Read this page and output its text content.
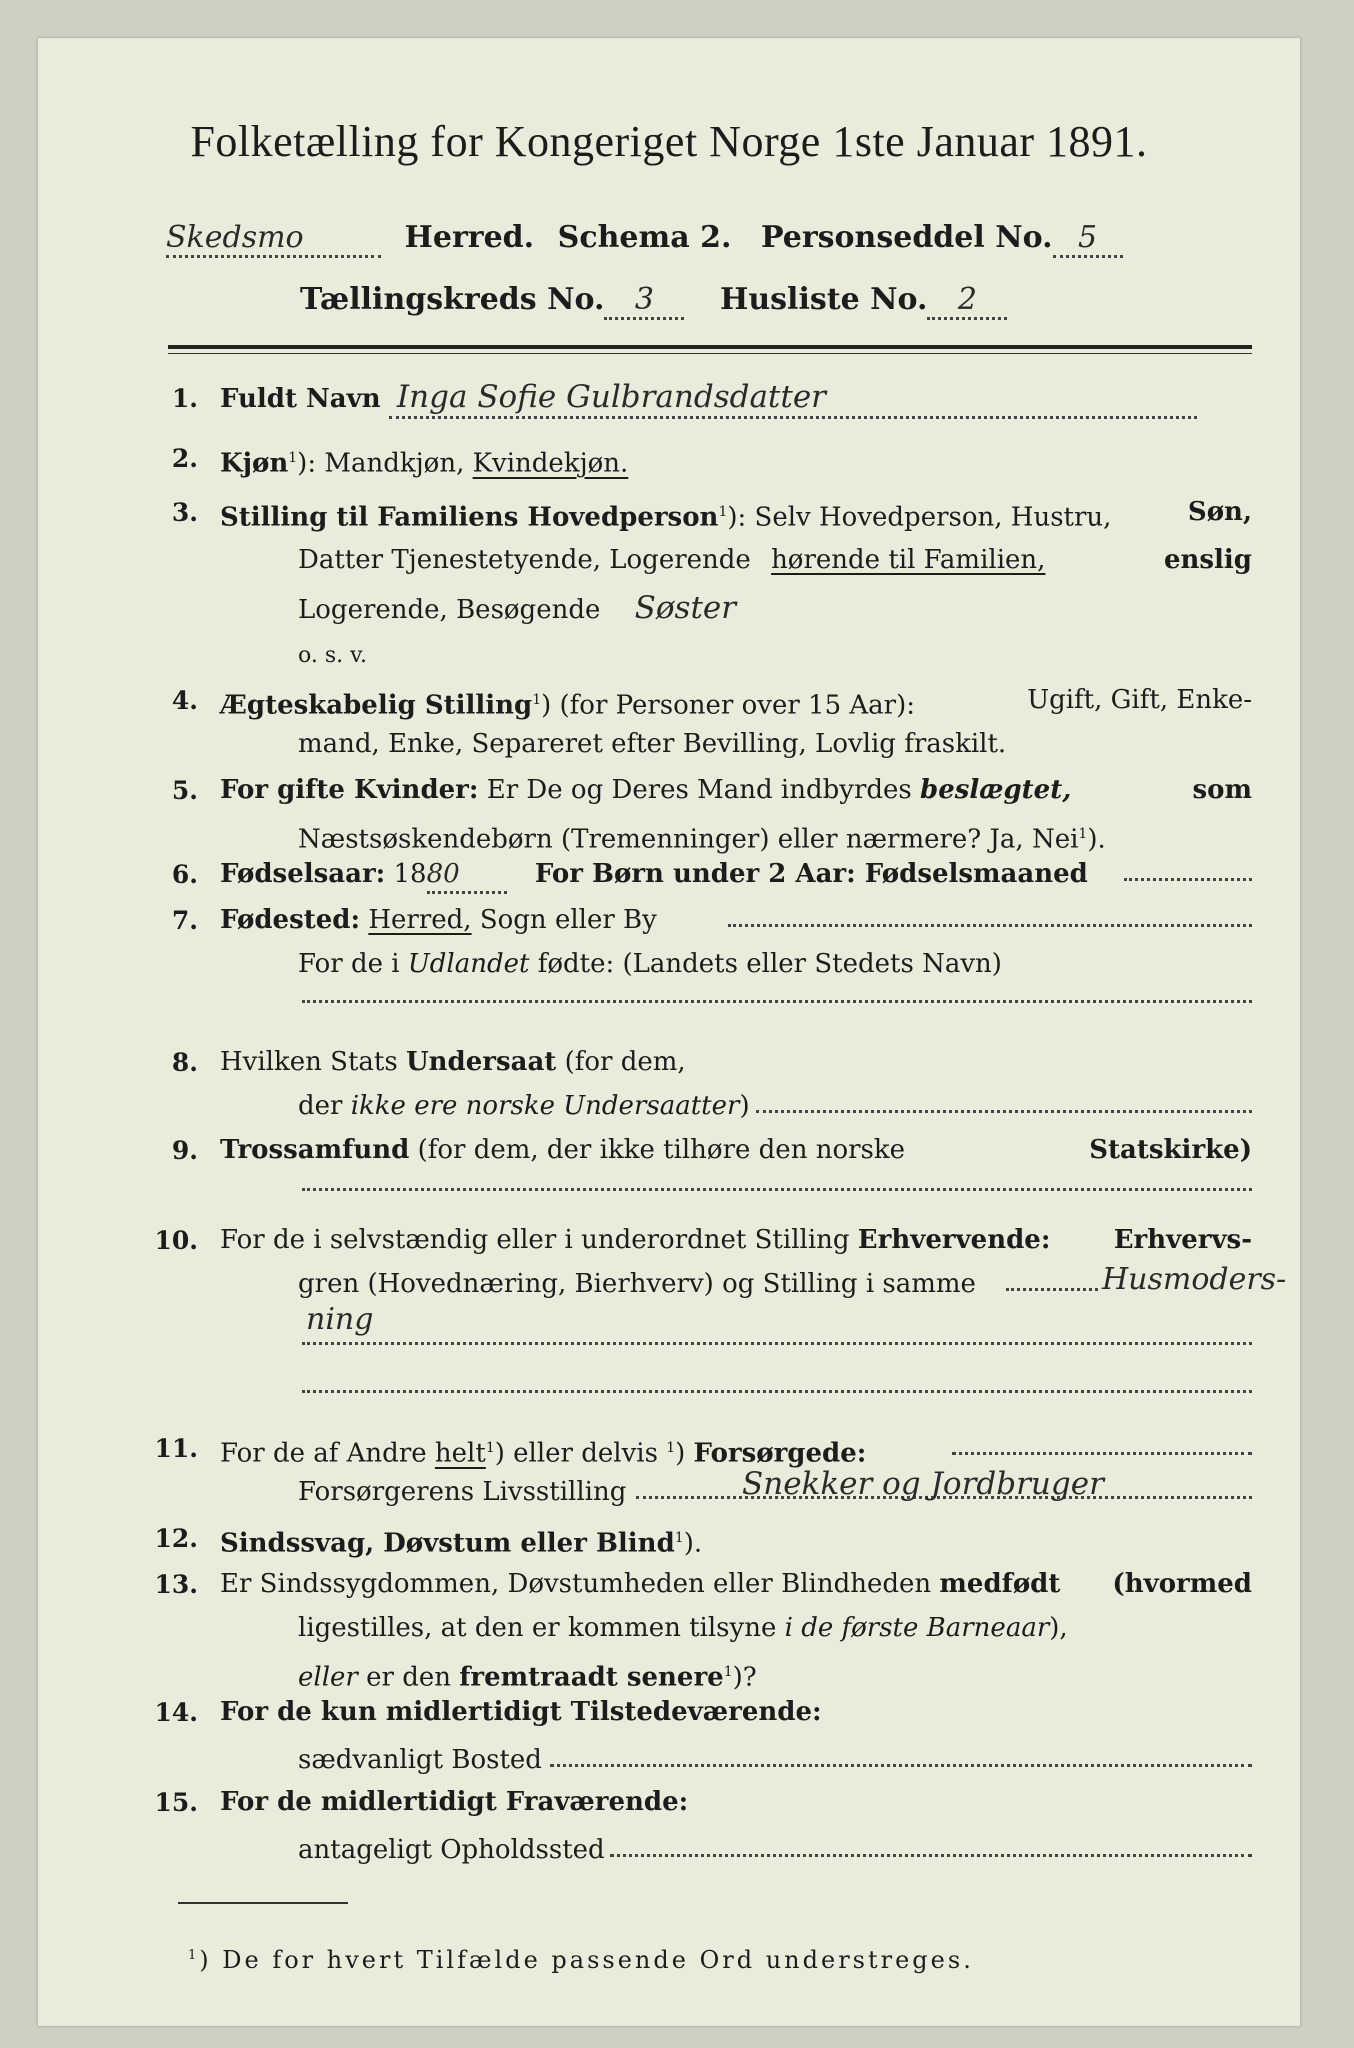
Folketælling for Kongeriget Norge 1ste Januar 1891.
Skedsmo	Herred. Schema 2. Personseddel No. 5
Tællingskreds No. 3 Husliste No. 2
1. Fuldt Navn Inga Sofie Gulbrandsdatter
2. Kjøn$^1$): Mandkjøn, Kvindekjøn.
3. Stilling til Familiens Hovedperson$^1$): Selv Hovedperson, Hustru,	Søn,
Datter Tjenestetyende, Logerende hørende til Familien,	enslig
Logerende, Besøgende Søster
o. s. v.
4. Ægteskabelig Stilling$^1$) (for Personer over 15 Aar):	Ugift, Gift, Enke-
mand, Enke, Separeret efter Bevilling, Lovlig fraskilt.
5. For gifte Kvinder: Er De og Deres Mand indbyrdes beslægtet,	som
Næstsøskendebørn (Tremenninger) eller nærmere? Ja, Nei$^1$).
6. Fødselsaar: 1880	For Børn under 2 Aar: Fødselsmaaned
7. Fødested: Herred, Sogn eller By
For de i Udlandet fødte: (Landets eller Stedets Navn)
8. Hvilken Stats Undersaat (for dem,
der ikke ere norske Undersaatter)
9. Trossamfund (for dem, der ikke tilhøre den norske	Statskirke)
10. For de i selvstændig eller i underordnet Stilling Erhvervende: Erhvervs-
gren (Hovednæring, Bierhverv) og Stilling i samme	Husmoders-
ning
11. For de af Andre helt$^1$) eller delvis $^1$) Forsørgede:
Forsørgerens Livsstilling	Snekker og Jordbruger
12. Sindssvag, Døvstum eller Blind$^1$).
13. Er Sindssygdommen, Døvstumheden eller Blindheden medfødt (hvormed
ligestilles, at den er kommen tilsyne i de første Barneaar),
eller er den fremtraadt senere$^1$)?
14. For de kun midlertidigt Tilstedeværende:
sædvanligt Bosted
15. For de midlertidigt Fraværende:
antageligt Opholdssted
$^1$) De for hvert Tilfælde passende Ord understreges.
